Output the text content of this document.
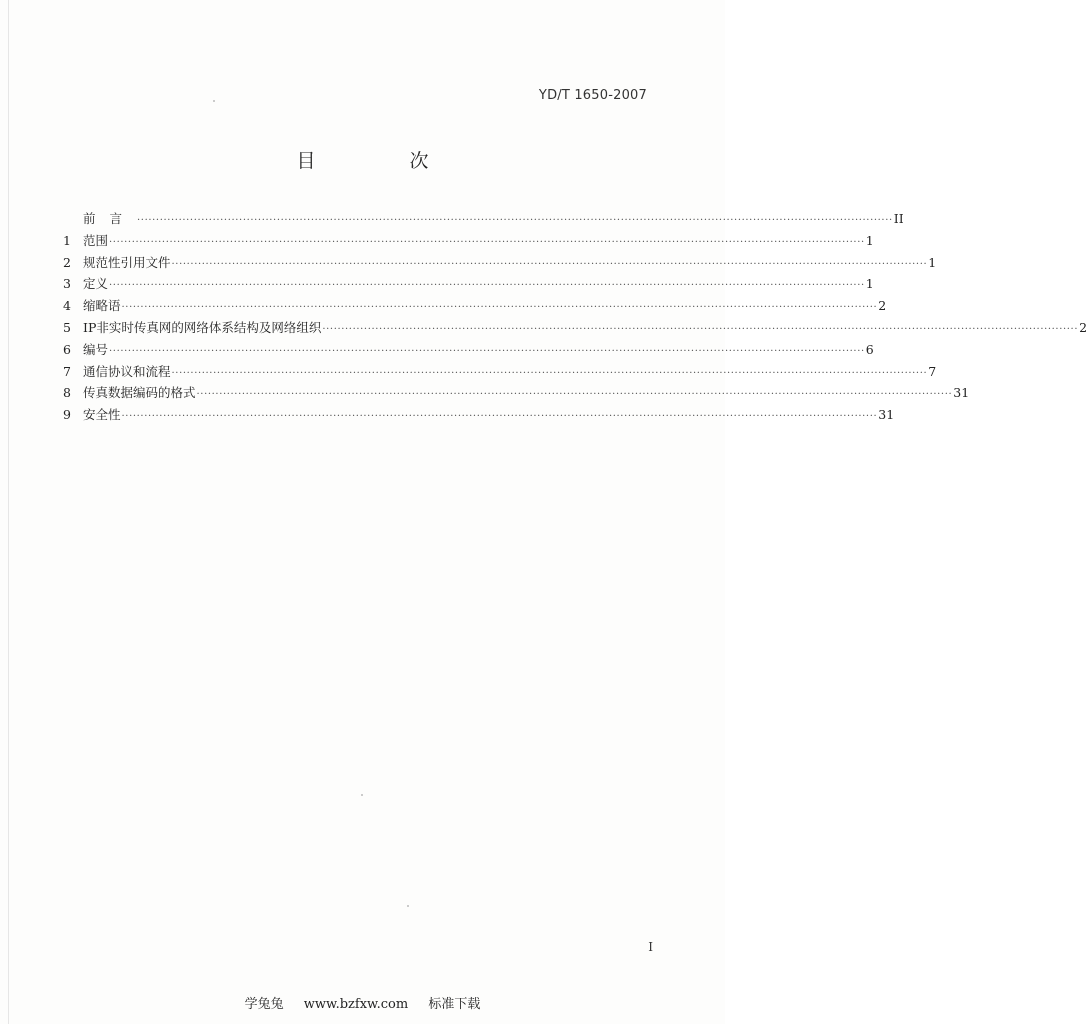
YD/T 1650-2007
目 次
前言 ········································································································································································································ II
1 范围 ········································································································································································································ 1
2 规范性引用文件 ········································································································································································································ 1
3 定义 ········································································································································································································ 1
4 缩略语 ········································································································································································································ 2
5 IP非实时传真网的网络体系结构及网络组织 ········································································································································································································ 2
6 编号 ········································································································································································································ 6
7 通信协议和流程 ········································································································································································································ 7
8 传真数据编码的格式 ········································································································································································································ 31
9 安全性 ········································································································································································································ 31
I
学兔兔 www.bzfxw.com 标准下载
